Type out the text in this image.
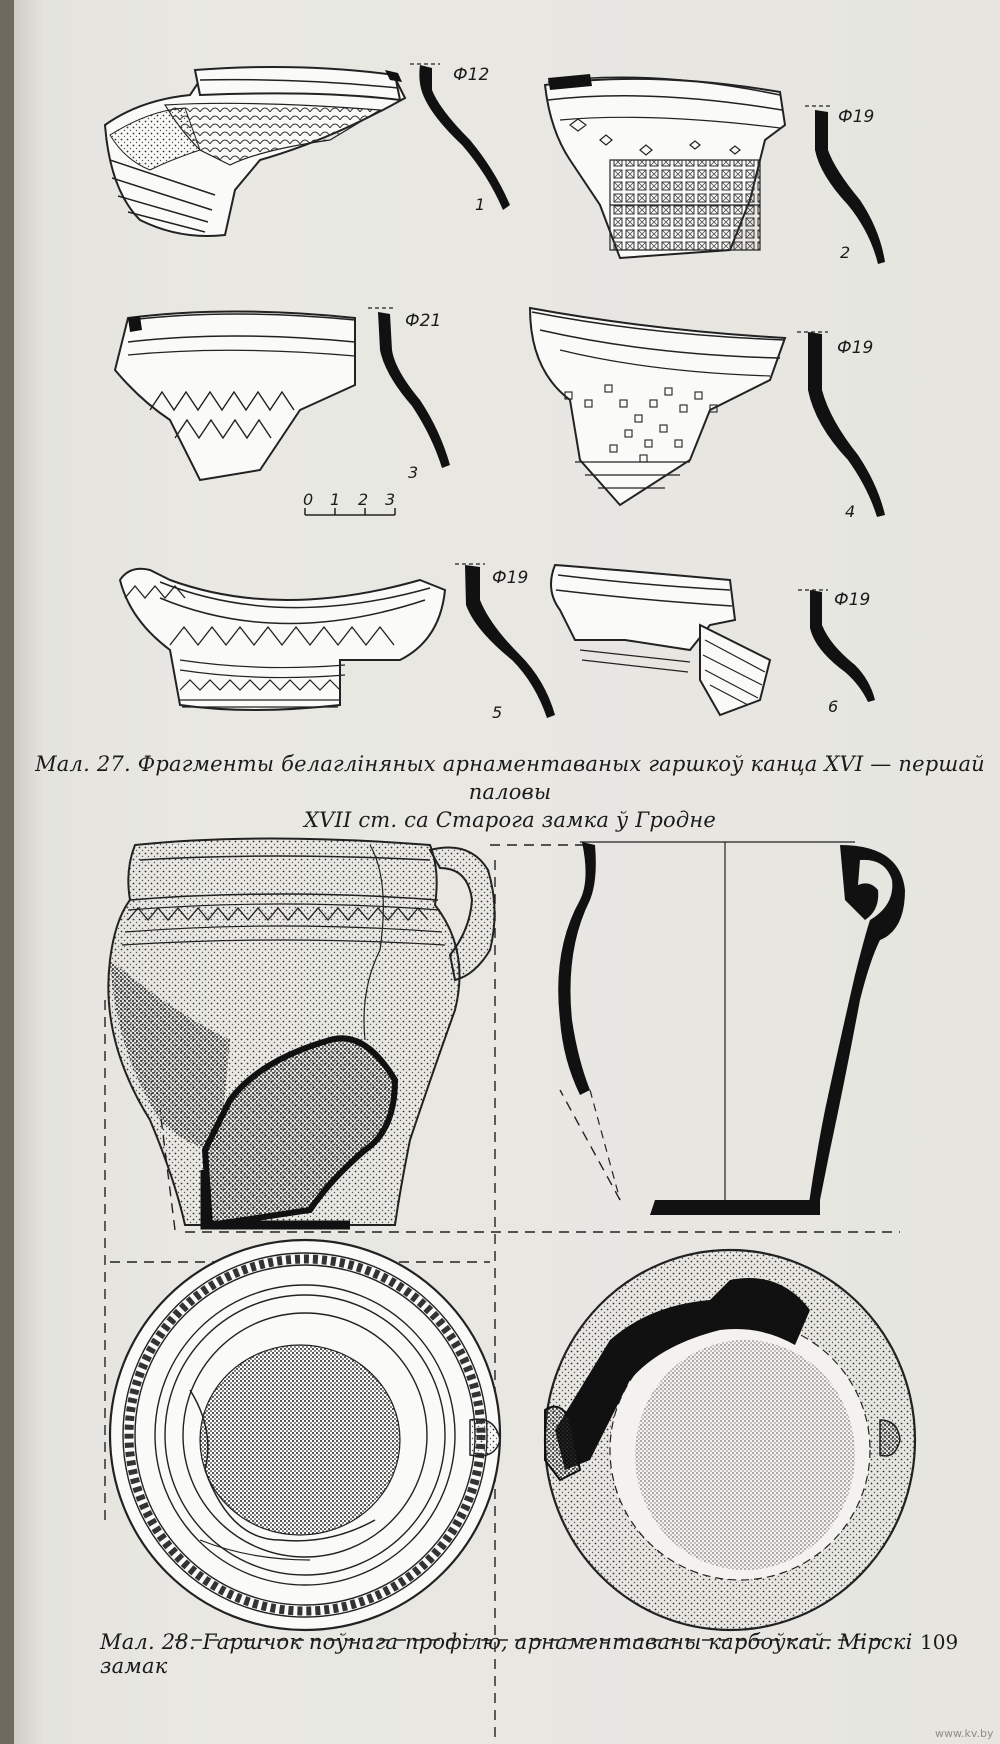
Ф12
1
Ф19
2
Ф21
3
0 1 2 3
Ф19
4
Ф19
5
Ф19
6
www.kv.by
Мал. 27. Фрагменты белагліняных арнаментаваных гаршкоў канца XVI — першай паловы
XVII ст. са Старога замка ў Гродне
Мал. 28. Гаршчок поўнага профілю, арнаментаваны карбоўкай. Мірскі замак
109
